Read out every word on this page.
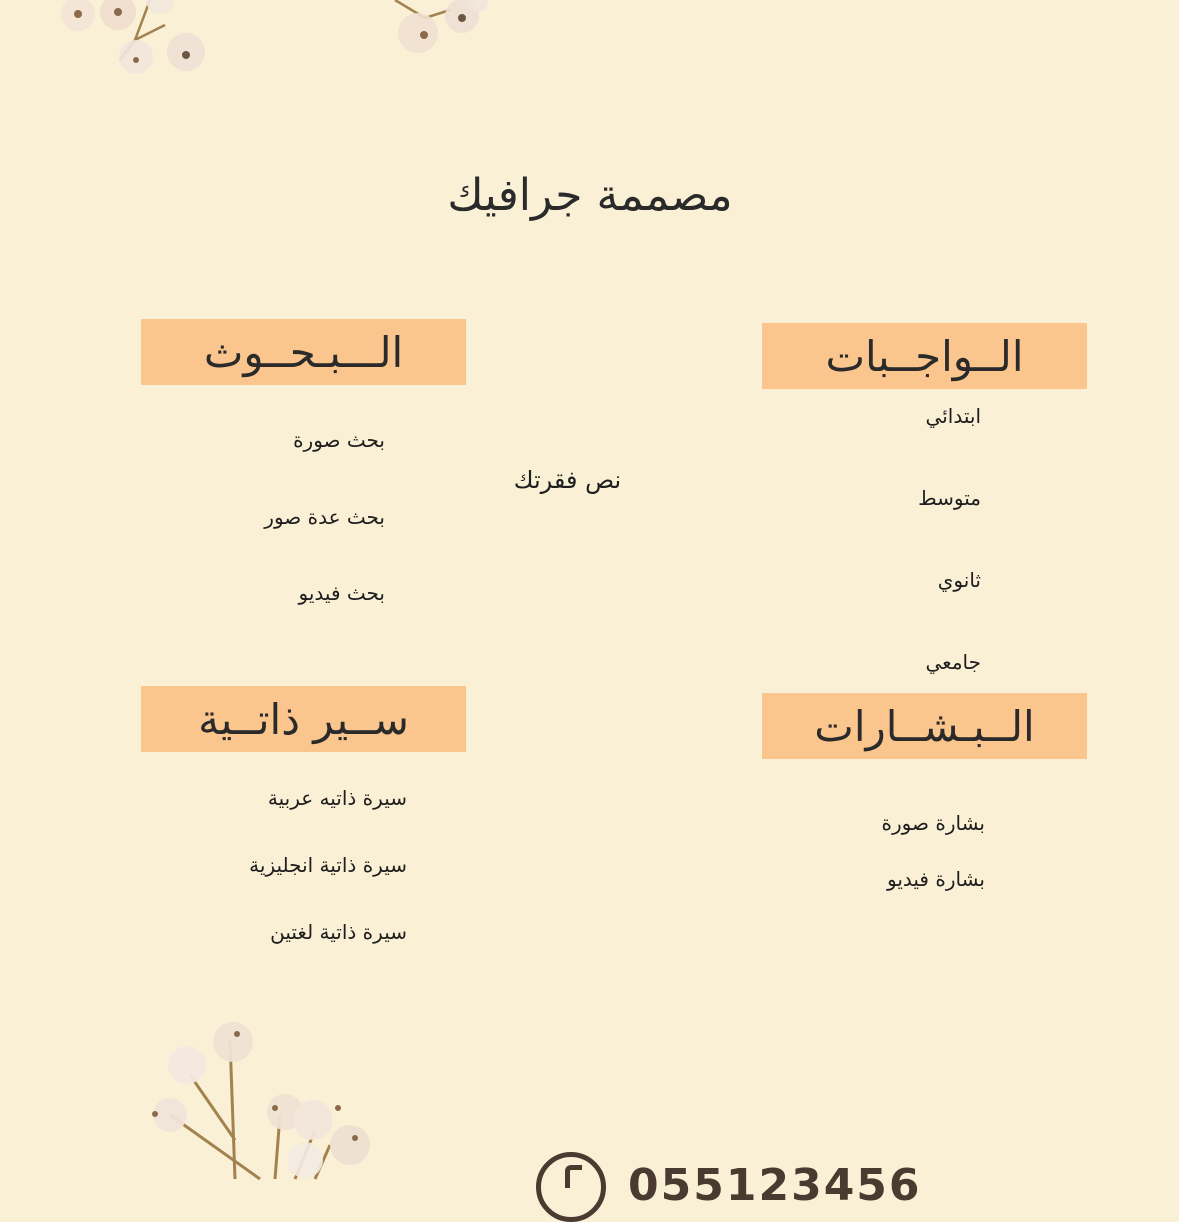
مصممة جرافيك
الــواجــبات
ابتدائي
متوسط
ثانوي
جامعي
الـــبـحــوث
بحث صورة
بحث عدة صور
بحث فيديو
نص فقرتك
ســير ذاتــية
سيرة ذاتيه عربية
سيرة ذاتية انجليزية
سيرة ذاتية لغتين
الــبـشــارات
بشارة صورة
بشارة فيديو
055123456
